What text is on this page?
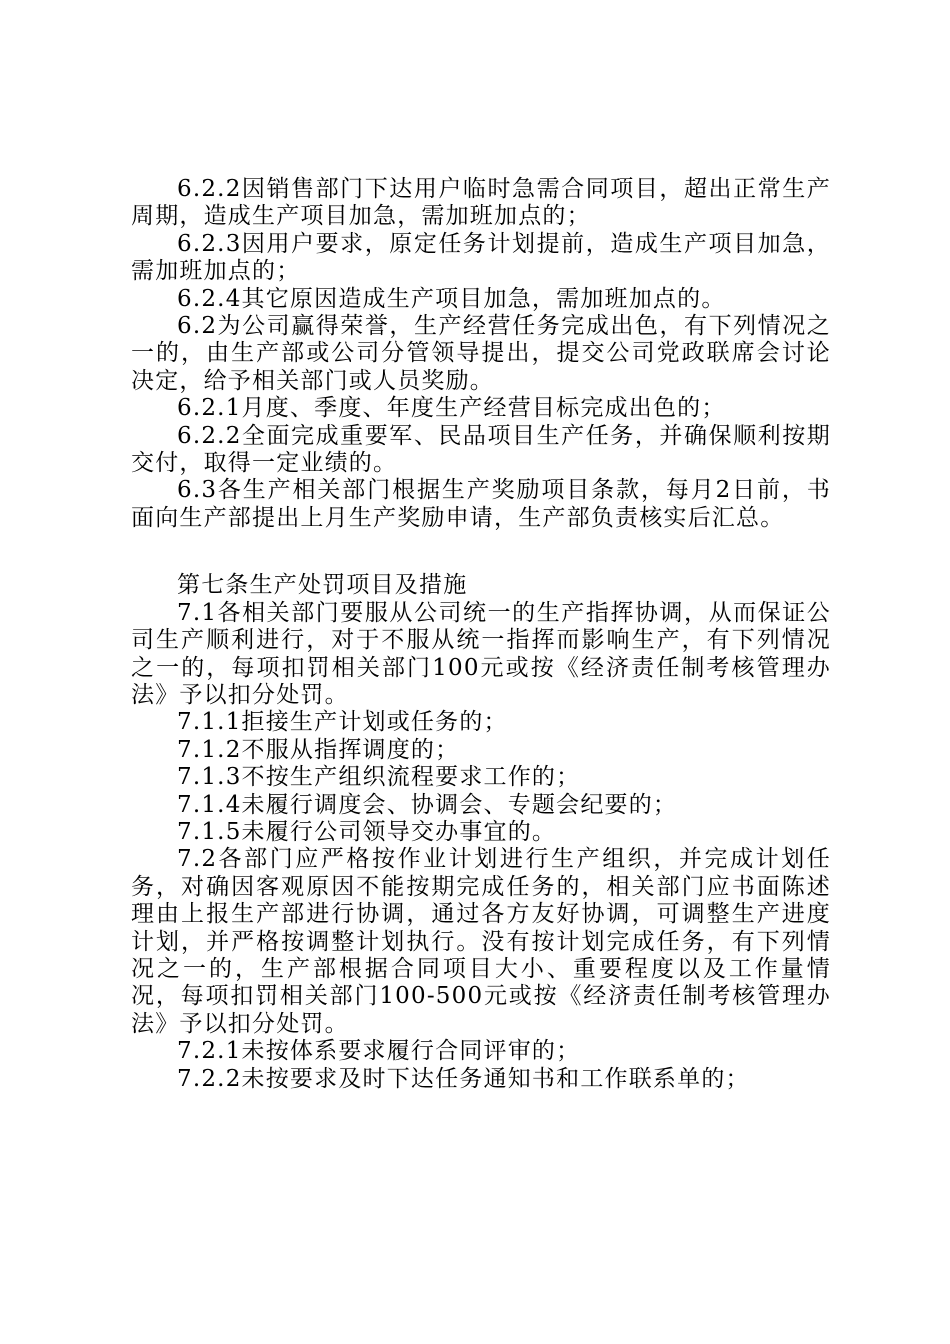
6.2.2因销售部门下达用户临时急需合同项目，超出正常生产周期，造成生产项目加急，需加班加点的；

6.2.3因用户要求，原定任务计划提前，造成生产项目加急，需加班加点的；

6.2.4其它原因造成生产项目加急，需加班加点的。

6.2为公司赢得荣誉，生产经营任务完成出色，有下列情况之一的，由生产部或公司分管领导提出，提交公司党政联席会讨论决定，给予相关部门或人员奖励。

6.2.1月度、季度、年度生产经营目标完成出色的；

6.2.2全面完成重要军、民品项目生产任务，并确保顺利按期交付，取得一定业绩的。

6.3各生产相关部门根据生产奖励项目条款，每月2日前，书面向生产部提出上月生产奖励申请，生产部负责核实后汇总。

第七条生产处罚项目及措施

7.1各相关部门要服从公司统一的生产指挥协调，从而保证公司生产顺利进行，对于不服从统一指挥而影响生产，有下列情况之一的，每项扣罚相关部门100元或按《经济责任制考核管理办法》予以扣分处罚。

7.1.1拒接生产计划或任务的；

7.1.2不服从指挥调度的；

7.1.3不按生产组织流程要求工作的；

7.1.4未履行调度会、协调会、专题会纪要的；

7.1.5未履行公司领导交办事宜的。

7.2各部门应严格按作业计划进行生产组织，并完成计划任务，对确因客观原因不能按期完成任务的，相关部门应书面陈述理由上报生产部进行协调，通过各方友好协调，可调整生产进度计划，并严格按调整计划执行。没有按计划完成任务，有下列情况之一的，生产部根据合同项目大小、重要程度以及工作量情况，每项扣罚相关部门100-500元或按《经济责任制考核管理办法》予以扣分处罚。

7.2.1未按体系要求履行合同评审的；

7.2.2未按要求及时下达任务通知书和工作联系单的；
